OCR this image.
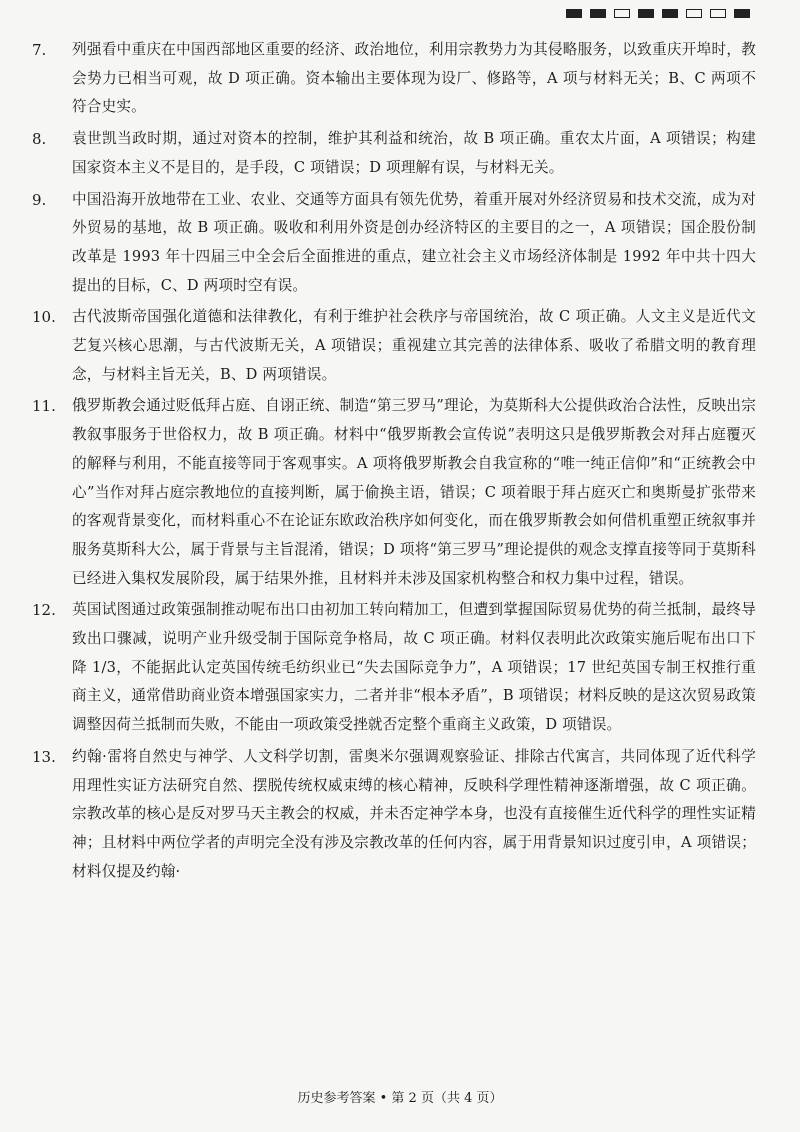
7.	列强看中重庆在中国西部地区重要的经济、政治地位，利用宗教势力为其侵略服务，以致重庆开埠时，教会势力已相当可观，故 D 项正确。资本输出主要体现为设厂、修路等，A 项与材料无关；B、C 两项不符合史实。
8.	袁世凯当政时期，通过对资本的控制，维护其利益和统治，故 B 项正确。重农太片面，A 项错误；构建国家资本主义不是目的，是手段，C 项错误；D 项理解有误，与材料无关。
9.	中国沿海开放地带在工业、农业、交通等方面具有领先优势，着重开展对外经济贸易和技术交流，成为对外贸易的基地，故 B 项正确。吸收和利用外资是创办经济特区的主要目的之一，A 项错误；国企股份制改革是 1993 年十四届三中全会后全面推进的重点，建立社会主义市场经济体制是 1992 年中共十四大提出的目标，C、D 两项时空有误。
10.	古代波斯帝国强化道德和法律教化，有利于维护社会秩序与帝国统治，故 C 项正确。人文主义是近代文艺复兴核心思潮，与古代波斯无关，A 项错误；重视建立其完善的法律体系、吸收了希腊文明的教育理念，与材料主旨无关，B、D 两项错误。
11.	俄罗斯教会通过贬低拜占庭、自诩正统、制造“第三罗马”理论，为莫斯科大公提供政治合法性，反映出宗教叙事服务于世俗权力，故 B 项正确。材料中“俄罗斯教会宣传说”表明这只是俄罗斯教会对拜占庭覆灭的解释与利用，不能直接等同于客观事实。A 项将俄罗斯教会自我宣称的“唯一纯正信仰”和“正统教会中心”当作对拜占庭宗教地位的直接判断，属于偷换主语，错误；C 项着眼于拜占庭灭亡和奥斯曼扩张带来的客观背景变化，而材料重心不在论证东欧政治秩序如何变化，而在俄罗斯教会如何借机重塑正统叙事并服务莫斯科大公，属于背景与主旨混淆，错误；D 项将“第三罗马”理论提供的观念支撑直接等同于莫斯科已经进入集权发展阶段，属于结果外推，且材料并未涉及国家机构整合和权力集中过程，错误。
12.	英国试图通过政策强制推动呢布出口由初加工转向精加工，但遭到掌握国际贸易优势的荷兰抵制，最终导致出口骤减，说明产业升级受制于国际竞争格局，故 C 项正确。材料仅表明此次政策实施后呢布出口下降 1/3，不能据此认定英国传统毛纺织业已“失去国际竞争力”，A 项错误；17 世纪英国专制王权推行重商主义，通常借助商业资本增强国家实力，二者并非“根本矛盾”，B 项错误；材料反映的是这次贸易政策调整因荷兰抵制而失败，不能由一项政策受挫就否定整个重商主义政策，D 项错误。
13.	约翰·雷将自然史与神学、人文科学切割，雷奥米尔强调观察验证、排除古代寓言，共同体现了近代科学用理性实证方法研究自然、摆脱传统权威束缚的核心精神，反映科学理性精神逐渐增强，故 C 项正确。宗教改革的核心是反对罗马天主教会的权威，并未否定神学本身，也没有直接催生近代科学的理性实证精神；且材料中两位学者的声明完全没有涉及宗教改革的任何内容，属于用背景知识过度引申，A 项错误；材料仅提及约翰·
历史参考答案 • 第 2 页（共 4 页）
